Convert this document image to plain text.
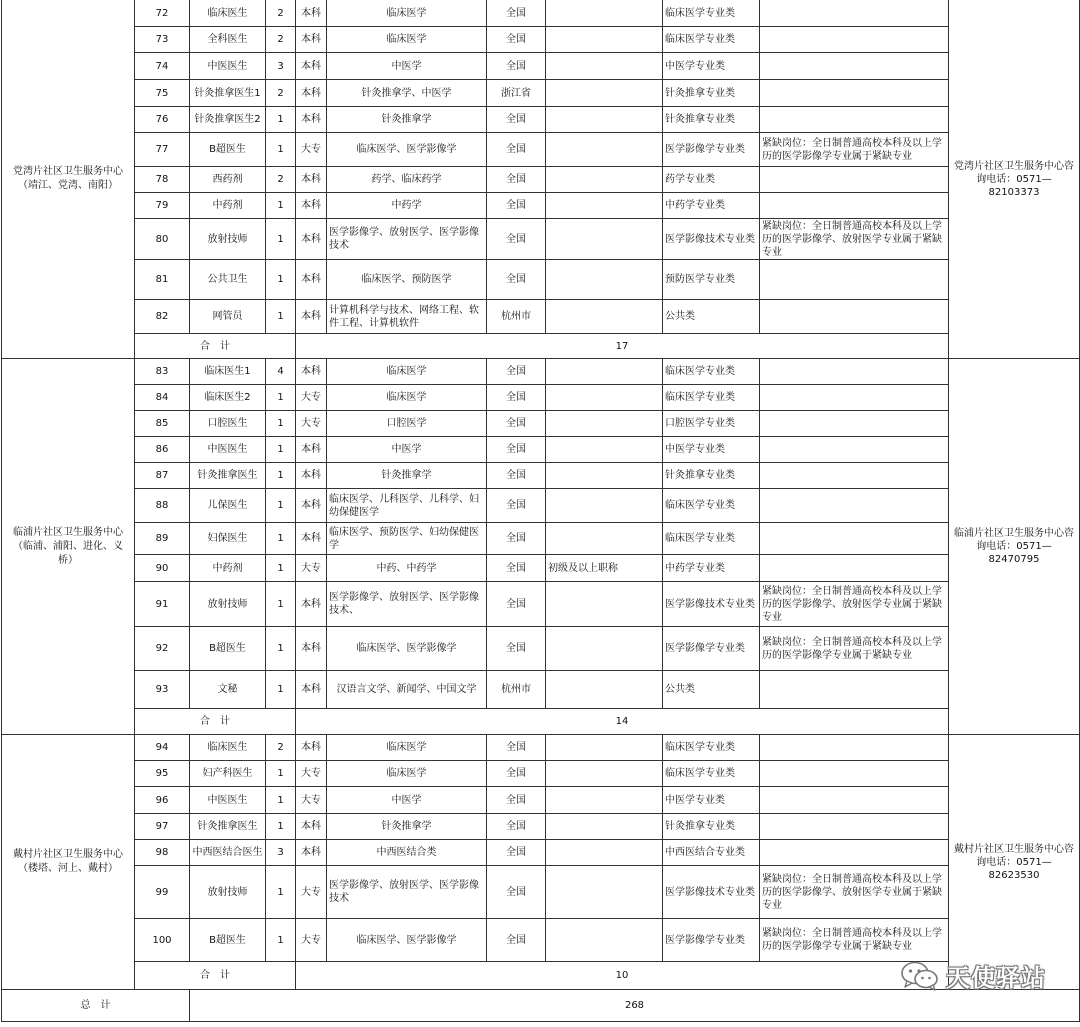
党湾片社区卫生服务中心（靖江、党湾、南阳）	72	临床医生	2	本科	临床医学	全国		临床医学专业类		党湾片社区卫生服务中心咨询电话：0571—82103373
	73	全科医生	2	本科	临床医学	全国		临床医学专业类		
	74	中医医生	3	本科	中医学	全国		中医学专业类		
	75	针灸推拿医生1	2	本科	针灸推拿学、中医学	浙江省		针灸推拿专业类		
	76	针灸推拿医生2	1	本科	针灸推拿学	全国		针灸推拿专业类		
	77	B超医生	1	大专	临床医学、医学影像学	全国		医学影像学专业类	紧缺岗位：全日制普通高校本科及以上学历的医学影像学专业属于紧缺专业	
	78	西药剂	2	本科	药学、临床药学	全国		药学专业类		
	79	中药剂	1	本科	中药学	全国		中药学专业类		
	80	放射技师	1	本科	医学影像学、放射医学、医学影像技术	全国		医学影像技术专业类	紧缺岗位：全日制普通高校本科及以上学历的医学影像学、放射医学专业属于紧缺专业	
	81	公共卫生	1	本科	临床医学、预防医学	全国		预防医学专业类		
	82	网管员	1	本科	计算机科学与技术、网络工程、软件工程、计算机软件	杭州市		公共类		
	合　计			17						
临浦片社区卫生服务中心（临浦、浦阳、进化、义桥）	83	临床医生1	4	本科	临床医学	全国		临床医学专业类		临浦片社区卫生服务中心咨询电话：0571—82470795
	84	临床医生2	1	大专	临床医学	全国		临床医学专业类		
	85	口腔医生	1	大专	口腔医学	全国		口腔医学专业类		
	86	中医医生	1	本科	中医学	全国		中医学专业类		
	87	针灸推拿医生	1	本科	针灸推拿学	全国		针灸推拿专业类		
	88	儿保医生	1	本科	临床医学、儿科医学、儿科学、妇幼保健医学	全国		临床医学专业类		
	89	妇保医生	1	本科	临床医学、预防医学、妇幼保健医学	全国		临床医学专业类		
	90	中药剂	1	大专	中药、中药学	全国	初级及以上职称	中药学专业类		
	91	放射技师	1	本科	医学影像学、放射医学、医学影像技术、	全国		医学影像技术专业类	紧缺岗位：全日制普通高校本科及以上学历的医学影像学、放射医学专业属于紧缺专业	
	92	B超医生	1	本科	临床医学、医学影像学	全国		医学影像学专业类	紧缺岗位：全日制普通高校本科及以上学历的医学影像学专业属于紧缺专业	
	93	文秘	1	本科	汉语言文学、新闻学、中国文学	杭州市		公共类		
	合　计			14						
戴村片社区卫生服务中心（楼塔、河上、戴村）	94	临床医生	2	本科	临床医学	全国		临床医学专业类		戴村片社区卫生服务中心咨询电话：0571—82623530
	95	妇产科医生	1	大专	临床医学	全国		临床医学专业类		
	96	中医医生	1	大专	中医学	全国		中医学专业类		
	97	针灸推拿医生	1	本科	针灸推拿学	全国		针灸推拿专业类		
	98	中西医结合医生	3	本科	中西医结合类	全国		中西医结合专业类		
	99	放射技师	1	大专	医学影像学、放射医学、医学影像技术	全国		医学影像技术专业类	紧缺岗位：全日制普通高校本科及以上学历的医学影像学、放射医学专业属于紧缺专业	
	100	B超医生	1	大专	临床医学、医学影像学	全国		医学影像学专业类	紧缺岗位：全日制普通高校本科及以上学历的医学影像学专业属于紧缺专业	
	合　计			10						
总　计		268								
天使驿站
